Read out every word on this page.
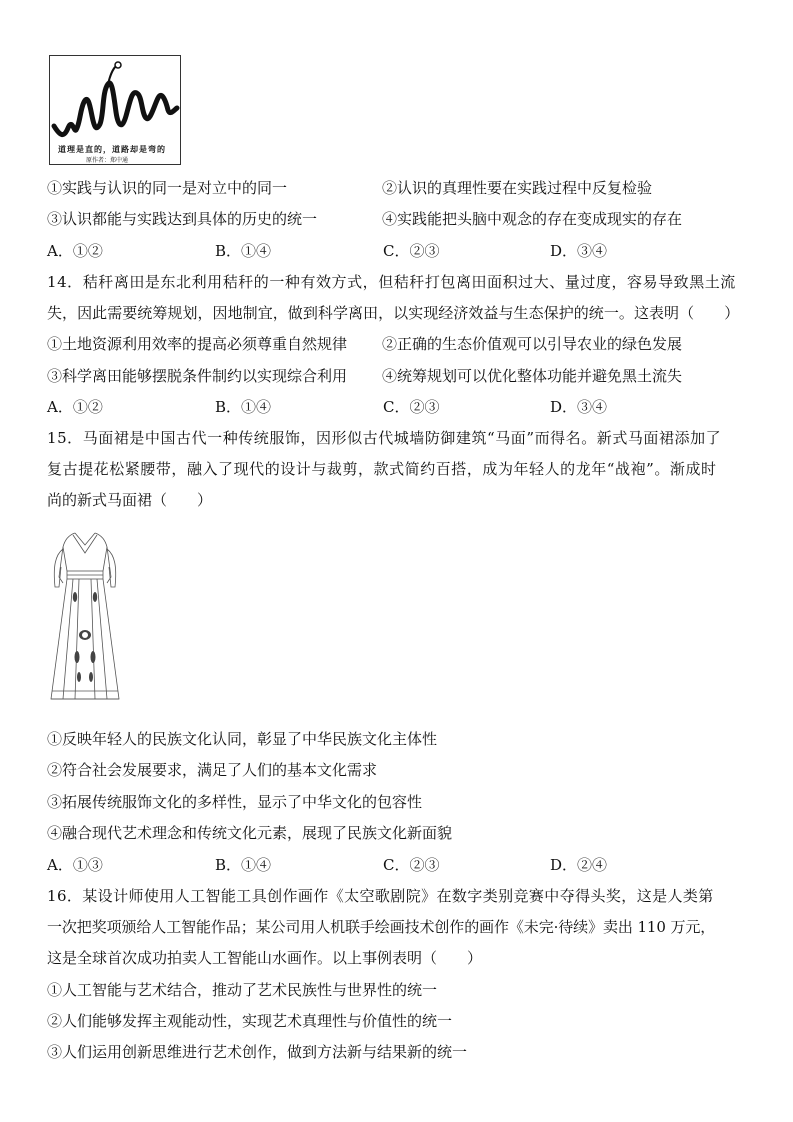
道理是直的，道路却是弯的
原作者：郑中通
①实践与认识的同一是对立中的同一	②认识的真理性要在实践过程中反复检验
③认识都能与实践达到具体的历史的统一	④实践能把头脑中观念的存在变成现实的存在
A．①②	B．①④	C．②③	D．③④
14．秸秆离田是东北利用秸秆的一种有效方式，但秸秆打包离田面积过大、量过度，容易导致黑土流
失，因此需要统筹规划，因地制宜，做到科学离田，以实现经济效益与生态保护的统一。这表明（　　）
①土地资源利用效率的提高必须尊重自然规律 ②正确的生态价值观可以引导农业的绿色发展
③科学离田能够摆脱条件制约以实现综合利用 ④统筹规划可以优化整体功能并避免黑土流失
A．①②	B．①④	C．②③	D．③④
15．马面裙是中国古代一种传统服饰，因形似古代城墙防御建筑“马面”而得名。新式马面裙添加了
复古提花松紧腰带，融入了现代的设计与裁剪，款式简约百搭，成为年轻人的龙年“战袍”。渐成时
尚的新式马面裙（　　）
①反映年轻人的民族文化认同，彰显了中华民族文化主体性
②符合社会发展要求，满足了人们的基本文化需求
③拓展传统服饰文化的多样性，显示了中华文化的包容性
④融合现代艺术理念和传统文化元素，展现了民族文化新面貌
A．①③	B．①④	C．②③	D．②④
16．某设计师使用人工智能工具创作画作《太空歌剧院》在数字类别竞赛中夺得头奖，这是人类第
一次把奖项颁给人工智能作品；某公司用人机联手绘画技术创作的画作《未完·待续》卖出 110 万元，
这是全球首次成功拍卖人工智能山水画作。以上事例表明（　　）
①人工智能与艺术结合，推动了艺术民族性与世界性的统一
②人们能够发挥主观能动性，实现艺术真理性与价值性的统一
③人们运用创新思维进行艺术创作，做到方法新与结果新的统一
